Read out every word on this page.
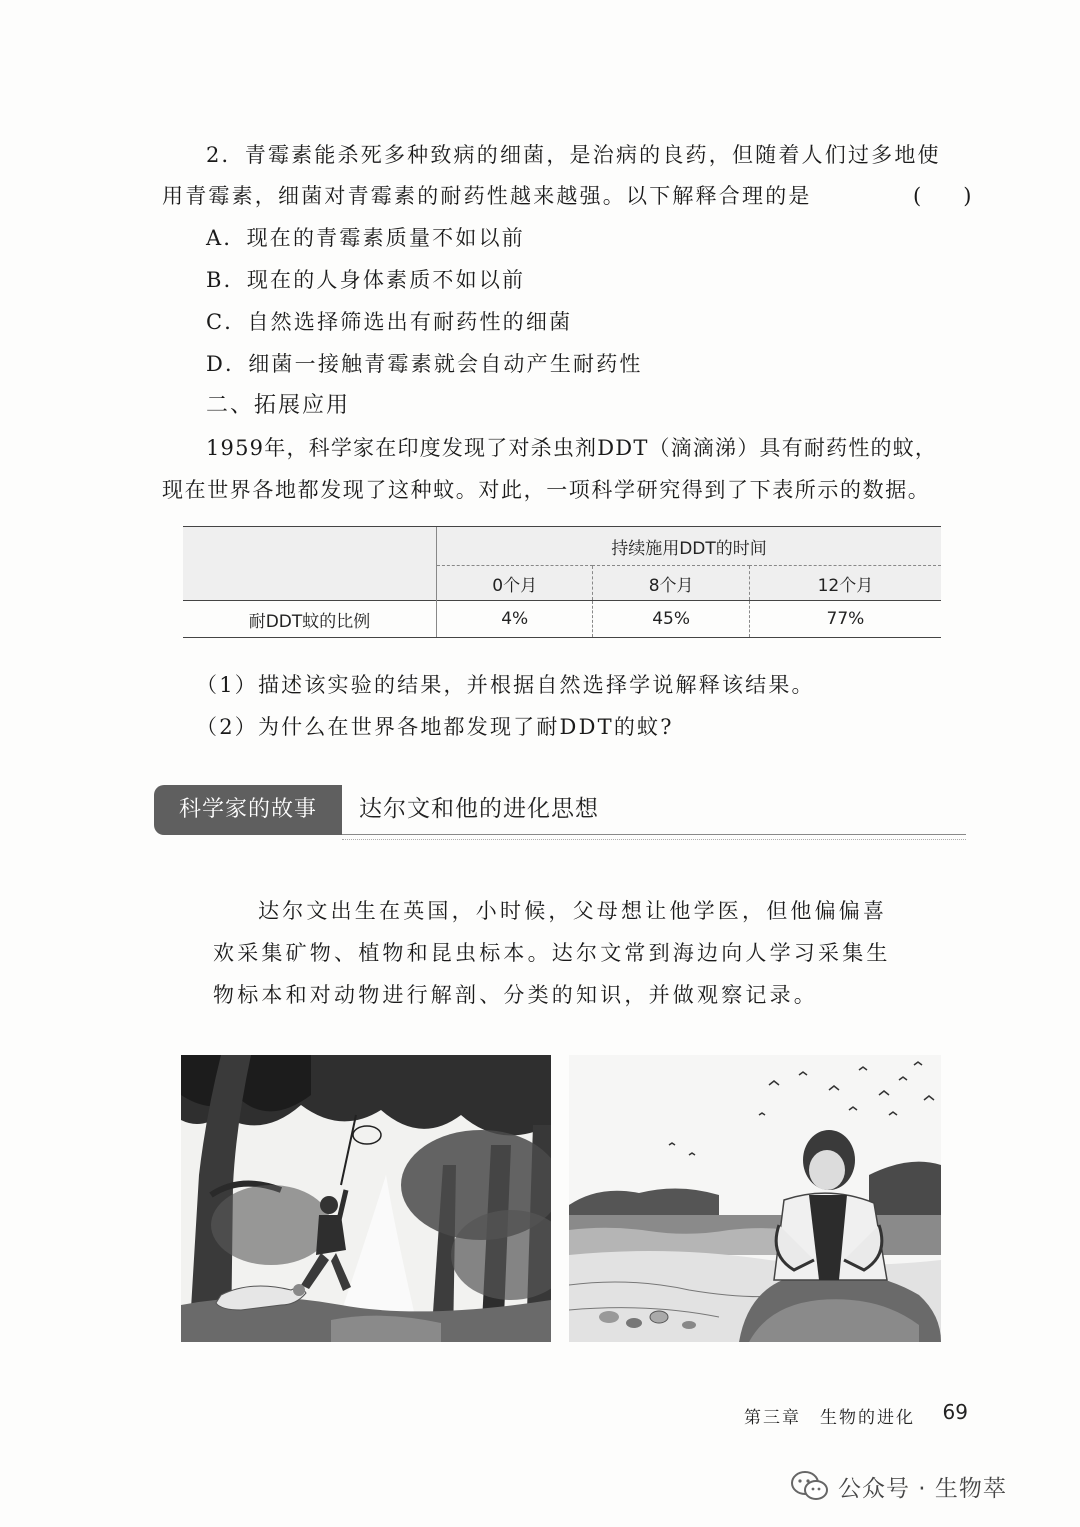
2．青霉素能杀死多种致病的细菌，是治病的良药，但随着人们过多地使
用青霉素，细菌对青霉素的耐药性越来越强。以下解释合理的是	(　　)
A．现在的青霉素质量不如以前
B．现在的人身体素质不如以前
C．自然选择筛选出有耐药性的细菌
D．细菌一接触青霉素就会自动产生耐药性
二、拓展应用
1959年，科学家在印度发现了对杀虫剂DDT（滴滴涕）具有耐药性的蚊，
现在世界各地都发现了这种蚊。对此，一项科学研究得到了下表所示的数据。
	持续施用DDT的时间		
	0个月	8个月	12个月
耐DDT蚊的比例	4%	45%	77%
（1）描述该实验的结果，并根据自然选择学说解释该结果。
（2）为什么在世界各地都发现了耐DDT的蚊?
科学家的故事	达尔文和他的进化思想
达尔文出生在英国，小时候，父母想让他学医，但他偏偏喜
欢采集矿物、植物和昆虫标本。达尔文常到海边向人学习采集生
物标本和对动物进行解剖、分类的知识，并做观察记录。
第三章　生物的进化 69
公众号 · 生物萃
